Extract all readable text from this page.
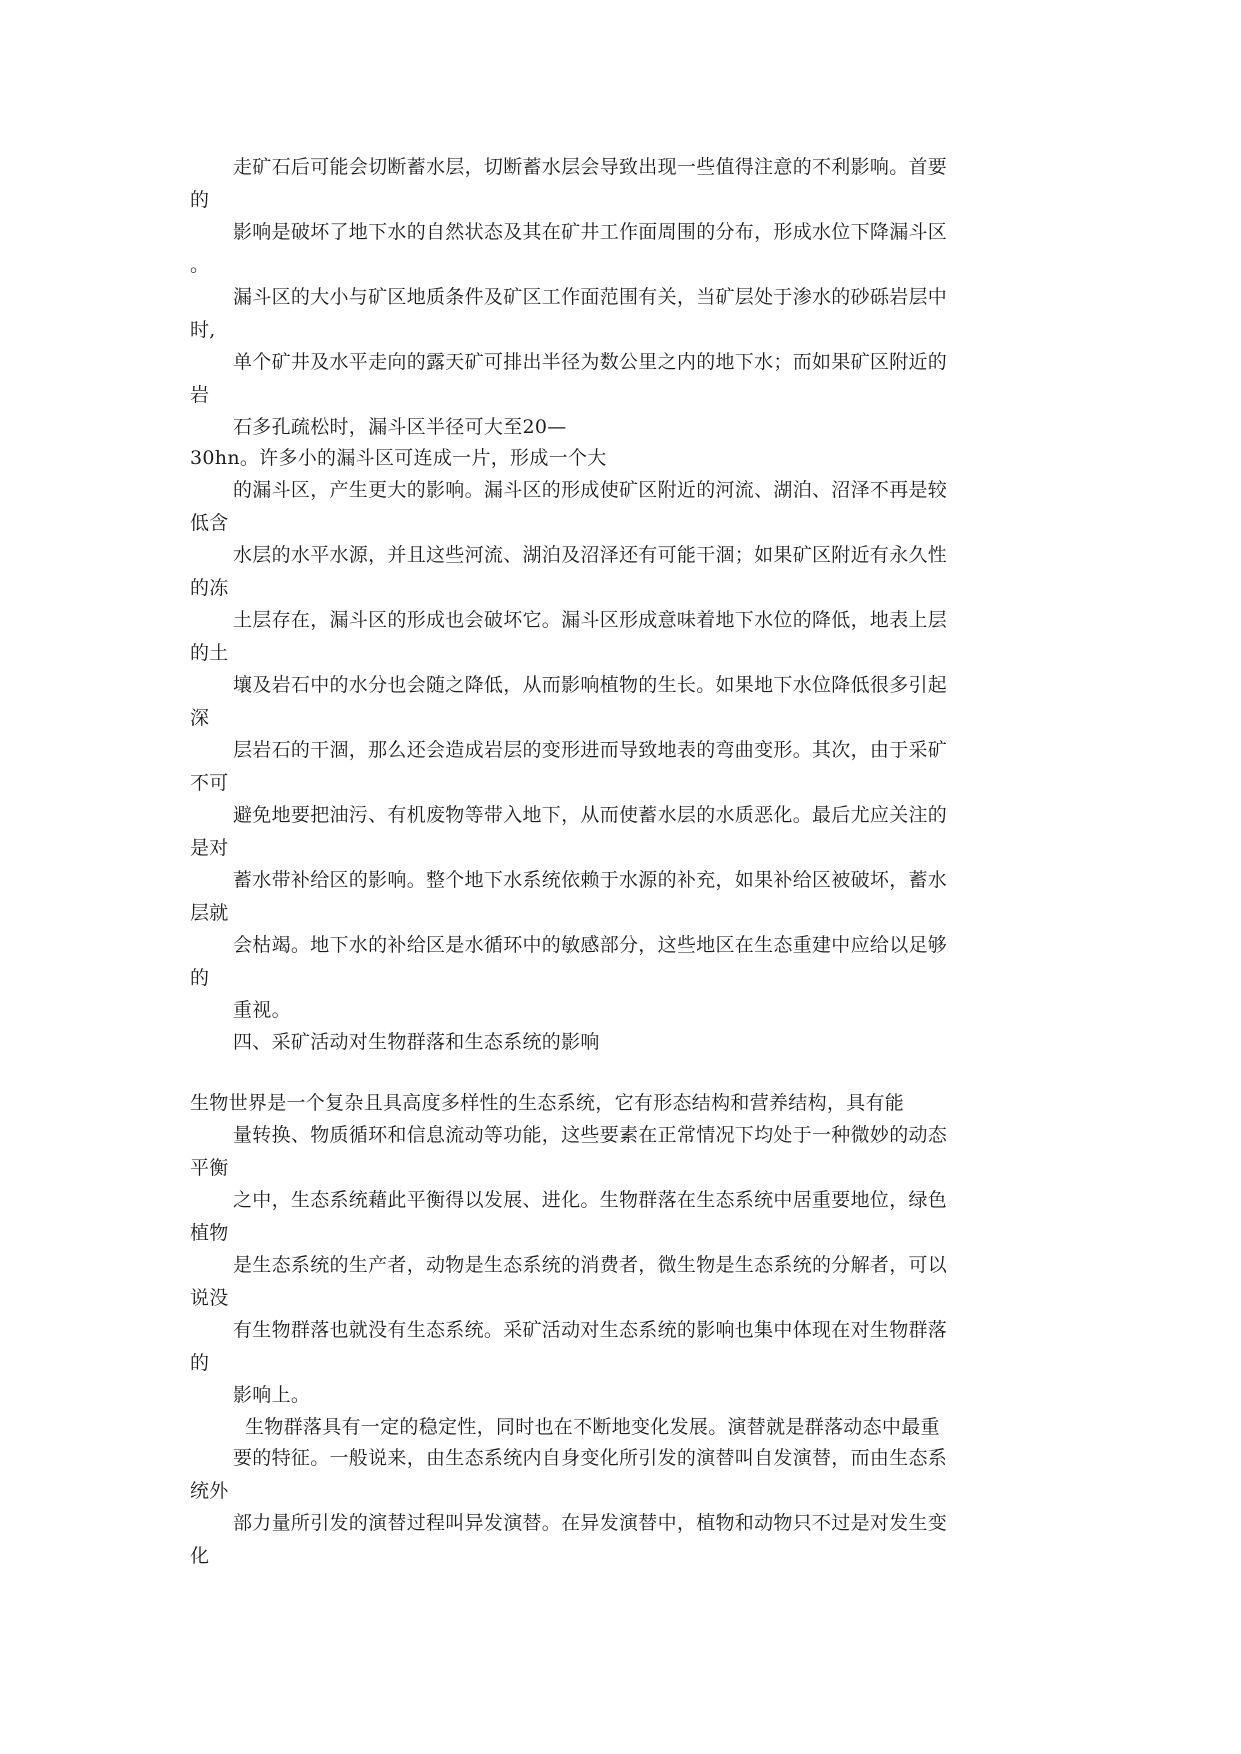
走矿石后可能会切断蓄水层，切断蓄水层会导致出现一些值得注意的不利影响。首要
的
影响是破坏了地下水的自然状态及其在矿井工作面周围的分布，形成水位下降漏斗区
。
漏斗区的大小与矿区地质条件及矿区工作面范围有关，当矿层处于渗水的砂砾岩层中
时,
单个矿井及水平走向的露天矿可排出半径为数公里之内的地下水；而如果矿区附近的
岩
石多孔疏松时，漏斗区半径可大至20—
30hn。许多小的漏斗区可连成一片，形成一个大
的漏斗区，产生更大的影响。漏斗区的形成使矿区附近的河流、湖泊、沼泽不再是较
低含
水层的水平水源，并且这些河流、湖泊及沼泽还有可能干涸；如果矿区附近有永久性
的冻
土层存在，漏斗区的形成也会破坏它。漏斗区形成意味着地下水位的降低，地表上层
的土
壤及岩石中的水分也会随之降低，从而影响植物的生长。如果地下水位降低很多引起
深
层岩石的干涸，那么还会造成岩层的变形进而导致地表的弯曲变形。其次，由于采矿
不可
避免地要把油污、有机废物等带入地下，从而使蓄水层的水质恶化。最后尤应关注的
是对
蓄水带补给区的影响。整个地下水系统依赖于水源的补充，如果补给区被破坏，蓄水
层就
会枯竭。地下水的补给区是水循环中的敏感部分，这些地区在生态重建中应给以足够
的
重视。
四、采矿活动对生物群落和生态系统的影响
生物世界是一个复杂且具高度多样性的生态系统，它有形态结构和营养结构，具有能
量转换、物质循环和信息流动等功能，这些要素在正常情况下均处于一种微妙的动态
平衡
之中，生态系统藉此平衡得以发展、进化。生物群落在生态系统中居重要地位，绿色
植物
是生态系统的生产者，动物是生态系统的消费者，微生物是生态系统的分解者，可以
说没
有生物群落也就没有生态系统。采矿活动对生态系统的影响也集中体现在对生物群落
的
影响上。
生物群落具有一定的稳定性，同时也在不断地变化发展。演替就是群落动态中最重
要的特征。一般说来，由生态系统内自身变化所引发的演替叫自发演替，而由生态系
统外
部力量所引发的演替过程叫异发演替。在异发演替中，植物和动物只不过是对发生变
化
